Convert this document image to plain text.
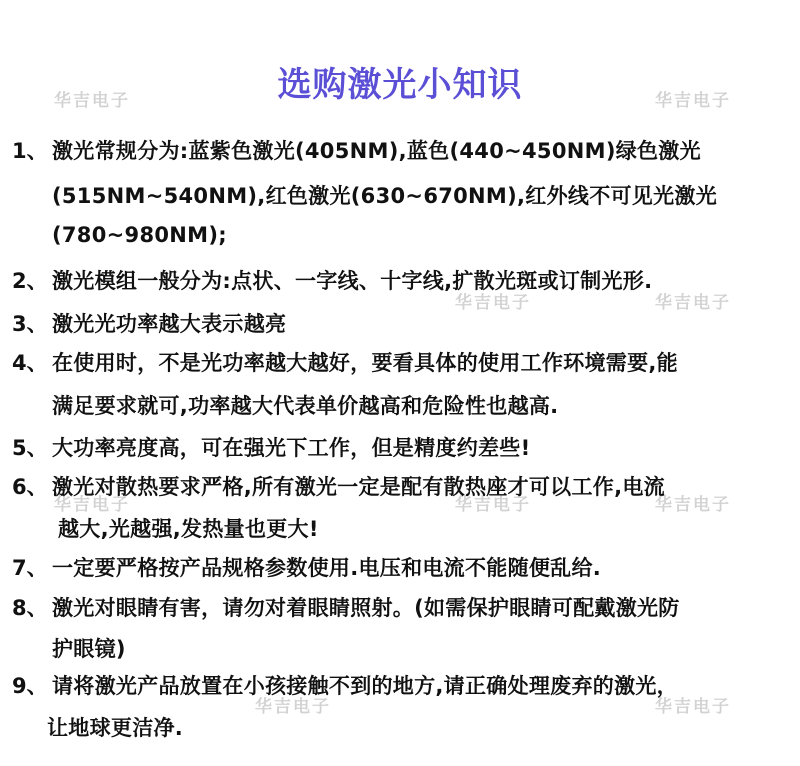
华吉电子	华吉电子
华吉电子	华吉电子
华吉电子	华吉电子	华吉电子
华吉电子	华吉电子
选购激光小知识
1、 激光常规分为:蓝紫色激光(405NM),蓝色(440~450NM)绿色激光
(515NM~540NM),红色激光(630~670NM),红外线不可见光激光
(780~980NM);
2、 激光模组一般分为:点状、一字线、十字线,扩散光斑或订制光形.
3、 激光光功率越大表示越亮
4、 在使用时，不是光功率越大越好，要看具体的使用工作环境需要,能
满足要求就可,功率越大代表单价越高和危险性也越高.
5、 大功率亮度高，可在强光下工作，但是精度约差些!
6、 激光对散热要求严格,所有激光一定是配有散热座才可以工作,电流
越大,光越强,发热量也更大!
7、 一定要严格按产品规格参数使用.电压和电流不能随便乱给.
8、 激光对眼睛有害，请勿对着眼睛照射。(如需保护眼睛可配戴激光防
护眼镜)
9、 请将激光产品放置在小孩接触不到的地方,请正确处理废弃的激光，
让地球更洁净.
